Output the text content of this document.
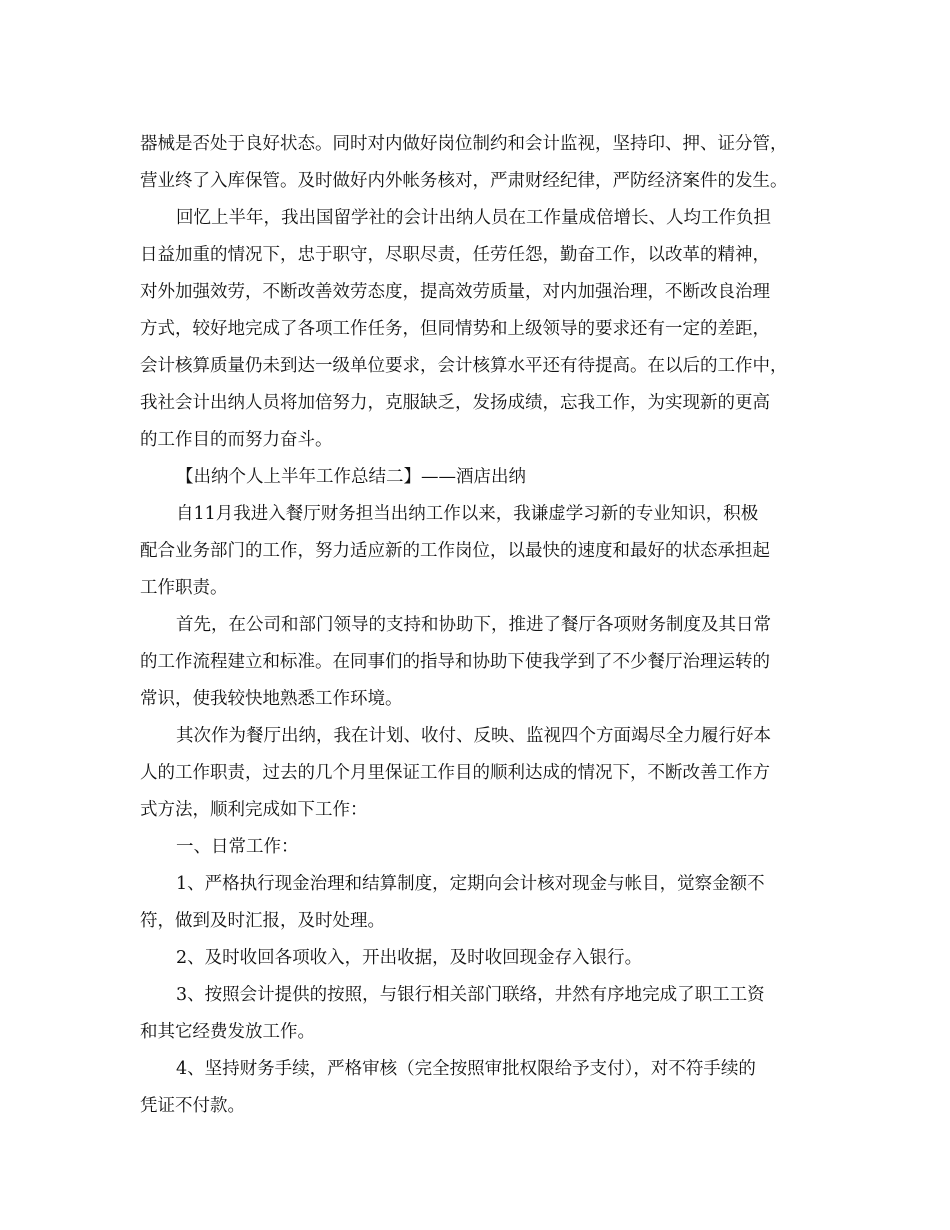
器械是否处于良好状态。同时对内做好岗位制约和会计监视，坚持印、押、证分管，

营业终了入库保管。及时做好内外帐务核对，严肃财经纪律，严防经济案件的发生。

回忆上半年，我出国留学社的会计出纳人员在工作量成倍增长、人均工作负担

日益加重的情况下，忠于职守，尽职尽责，任劳任怨，勤奋工作，以改革的精神，

对外加强效劳，不断改善效劳态度，提高效劳质量，对内加强治理，不断改良治理

方式，较好地完成了各项工作任务，但同情势和上级领导的要求还有一定的差距，

会计核算质量仍未到达一级单位要求，会计核算水平还有待提高。在以后的工作中，

我社会计出纳人员将加倍努力，克服缺乏，发扬成绩，忘我工作，为实现新的更高

的工作目的而努力奋斗。

【出纳个人上半年工作总结二】——酒店出纳

自11月我进入餐厅财务担当出纳工作以来，我谦虚学习新的专业知识，积极

配合业务部门的工作，努力适应新的工作岗位，以最快的速度和最好的状态承担起

工作职责。

首先，在公司和部门领导的支持和协助下，推进了餐厅各项财务制度及其日常

的工作流程建立和标准。在同事们的指导和协助下使我学到了不少餐厅治理运转的

常识，使我较快地熟悉工作环境。

其次作为餐厅出纳，我在计划、收付、反映、监视四个方面竭尽全力履行好本

人的工作职责，过去的几个月里保证工作目的顺利达成的情况下，不断改善工作方

式方法，顺利完成如下工作：

一、日常工作：

1、严格执行现金治理和结算制度，定期向会计核对现金与帐目，觉察金额不

符，做到及时汇报，及时处理。

2、及时收回各项收入，开出收据，及时收回现金存入银行。

3、按照会计提供的按照，与银行相关部门联络，井然有序地完成了职工工资

和其它经费发放工作。

4、坚持财务手续，严格审核（完全按照审批权限给予支付），对不符手续的

凭证不付款。
